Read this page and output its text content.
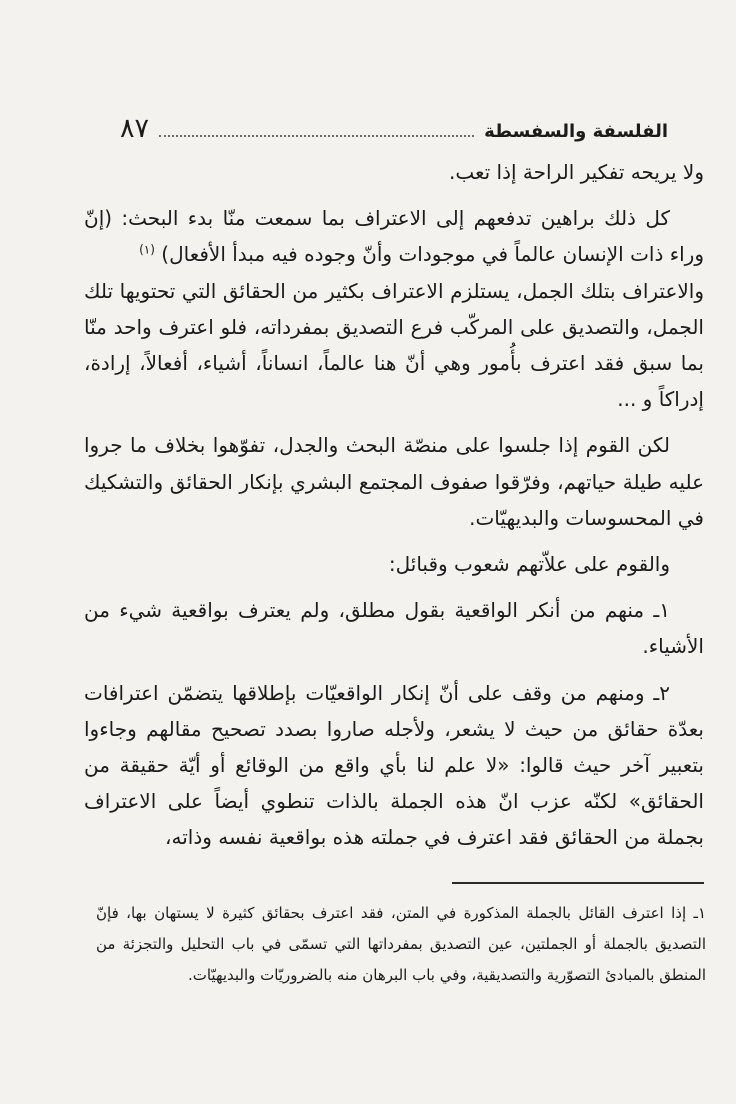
الفلسفة والسفسطة
٨٧

ولا يريحه تفكير الراحة إذا تعب.

كل ذلك براهين تدفعهم إلى الاعتراف بما سمعت منّا بدء البحث: (إنّ وراء ذات الإنسان عالماً في موجودات وأنّ وجوده فيه مبدأ الأفعال) $^{(١)}$

والاعتراف بتلك الجمل، يستلزم الاعتراف بكثير من الحقائق التي تحتويها تلك الجمل، والتصديق على المركّب فرع التصديق بمفرداته، فلو اعترف واحد منّا بما سبق فقد اعترف بأُمور وهي أنّ هنا عالماً، انساناً، أشياء، أفعالاً، إرادة، إدراكاً و ...

لكن القوم إذا جلسوا على منصّة البحث والجدل، تفوّهوا بخلاف ما جروا عليه طيلة حياتهم، وفرّقوا صفوف المجتمع البشري بإنكار الحقائق والتشكيك في المحسوسات والبديهيّات.

والقوم على علاّتهم شعوب وقبائل:

١ـ منهم من أنكر الواقعية بقول مطلق، ولم يعترف بواقعية شيء من الأشياء.

٢ـ ومنهم من وقف على أنّ إنكار الواقعيّات بإطلاقها يتضمّن اعترافات بعدّة حقائق من حيث لا يشعر، ولأجله صاروا بصدد تصحيح مقالهم وجاءوا بتعبير آخر حيث قالوا: «لا علم لنا بأي واقع من الوقائع أو أيّة حقيقة من الحقائق» لكنّه عزب انّ هذه الجملة بالذات تنطوي أيضاً على الاعتراف بجملة من الحقائق فقد اعترف في جملته هذه بواقعية نفسه وذاته،

١ـ إذا اعترف القائل بالجملة المذكورة في المتن، فقد اعترف بحقائق كثيرة لا يستهان بها، فإنّ التصديق بالجملة أو الجملتين، عين التصديق بمفرداتها التي تسمّى في باب التحليل والتجزئة من المنطق بالمبادئ التصوّرية والتصديقية، وفي باب البرهان منه بالضروريّات والبديهيّات.
